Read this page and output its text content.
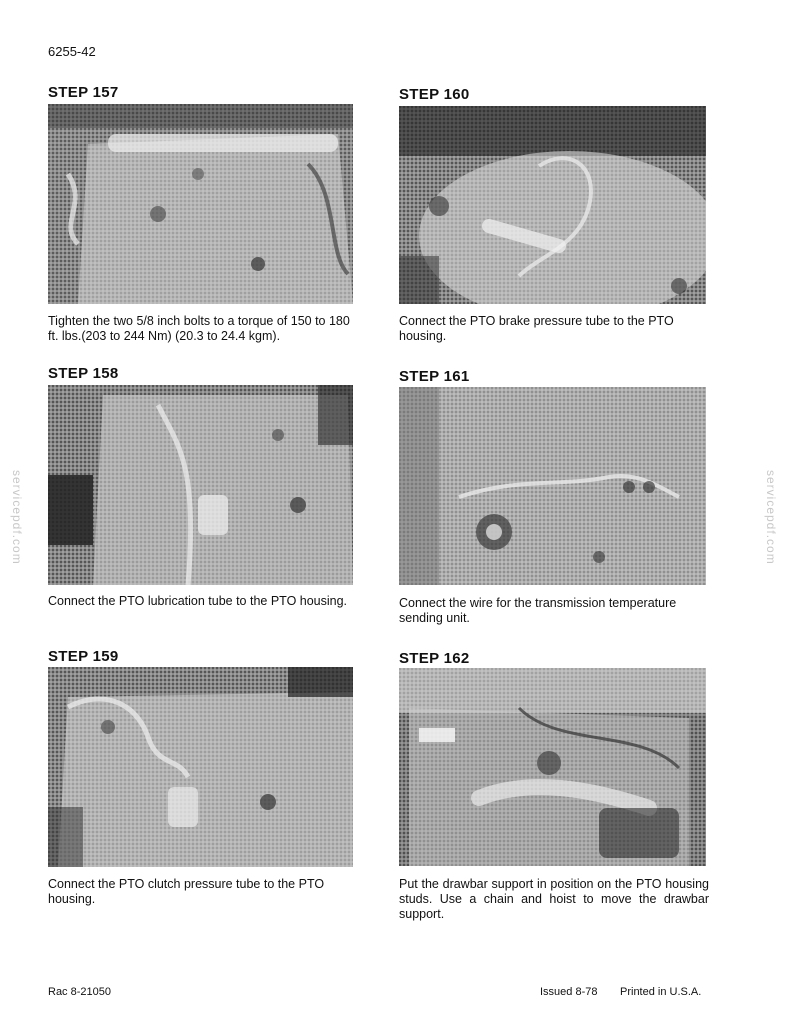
6255-42
STEP 157
Tighten the two 5/8 inch bolts to a torque of 150 to 180 ft. lbs.(203 to 244 Nm) (20.3 to 24.4 kgm).
STEP 158
Connect the PTO lubrication tube to the PTO housing.
STEP 159
Connect the PTO clutch pressure tube to the PTO housing.
STEP 160
Connect the PTO brake pressure tube to the PTO housing.
STEP 161
Connect the wire for the transmission temperature sending unit.
STEP 162
Put the drawbar support in position on the PTO housing studs. Use a chain and hoist to move the drawbar support.
servicepdf.com	servicepdf.com
Rac 8-21050	Issued 8-78 Printed in U.S.A.
